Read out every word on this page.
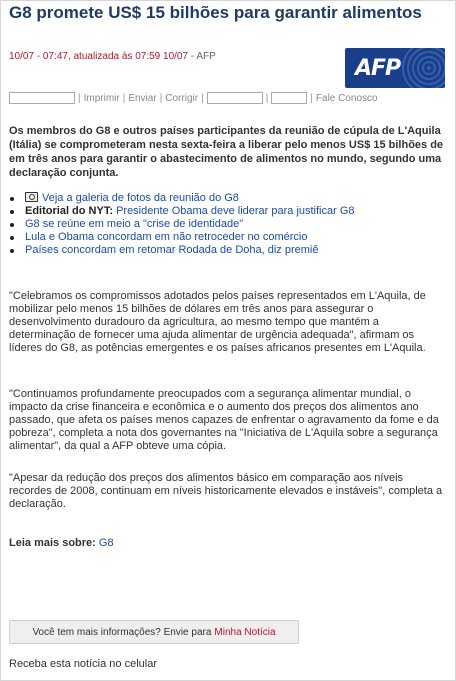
G8 promete US$ 15 bilhões para garantir alimentos
10/07 - 07:47, atualizada às 07:59 10/07 - AFP	AFP
| Imprimir | Enviar | Corrigir |	|	| Fale Conosco

Os membros do G8 e outros países participantes da reunião de cúpula de L'Aquila (Itália) se comprometeram nesta sexta-feira a liberar pelo menos US$ 15 bilhões de em três anos para garantir o abastecimento de alimentos no mundo, segundo uma declaração conjunta.

Veja a galeria de fotos da reunião do G8
Editorial do NYT: Presidente Obama deve liderar para justificar G8
G8 se reúne em meio a "crise de identidade"
Lula e Obama concordam em não retroceder no comércio
Países concordam em retomar Rodada de Doha, diz premiê

"Celebramos os compromissos adotados pelos países representados em L'Aquila, de mobilizar pelo menos 15 bilhões de dólares em três anos para assegurar o desenvolvimento duradouro da agricultura, ao mesmo tempo que mantém a determinação de fornecer uma ajuda alimentar de urgência adequada", afirmam os líderes do G8, as potências emergentes e os países africanos presentes em L'Aquila.

"Continuamos profundamente preocupados com a segurança alimentar mundial, o impacto da crise financeira e econômica e o aumento dos preços dos alimentos ano passado, que afeta os países menos capazes de enfrentar o agravamento da fome e da pobreza", completa a nota dos governantes na "Iniciativa de L'Aquila sobre a segurança alimentar", da qual a AFP obteve uma cópia.

"Apesar da redução dos preços dos alimentos básico em comparação aos níveis recordes de 2008, continuam em níveis historicamente elevados e instáveis", completa a declaração.

Leia mais sobre: G8
Você tem mais informações? Envie para Minha Notícia
Receba esta notícia no celular
